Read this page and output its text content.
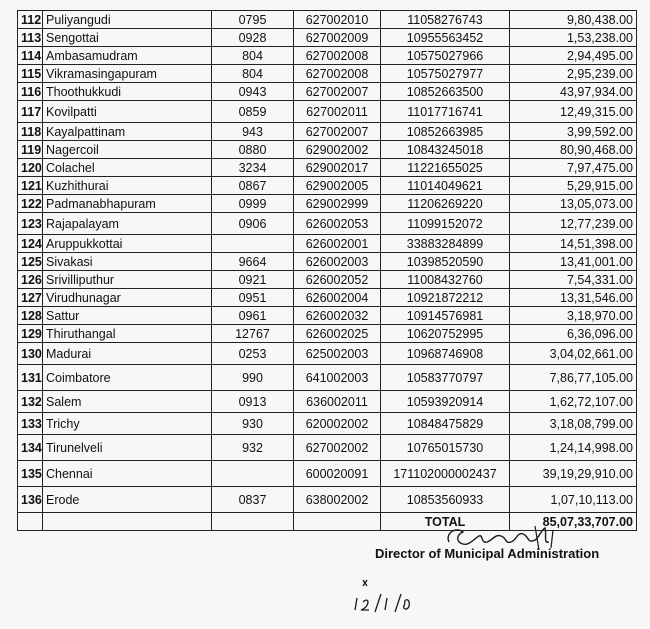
112	Puliyangudi	0795	627002010	11058276743	9,80,438.00
113	Sengottai	0928	627002009	10955563452	1,53,238.00
114	Ambasamudram	804	627002008	10575027966	2,94,495.00
115	Vikramasingapuram	804	627002008	10575027977	2,95,239.00
116	Thoothukkudi	0943	627002007	10852663500	43,97,934.00
117	Kovilpatti	0859	627002011	11017716741	12,49,315.00
118	Kayalpattinam	943	627002007	10852663985	3,99,592.00
119	Nagercoil	0880	629002002	10843245018	80,90,468.00
120	Colachel	3234	629002017	11221655025	7,97,475.00
121	Kuzhithurai	0867	629002005	11014049621	5,29,915.00
122	Padmanabhapuram	0999	629002999	11206269220	13,05,073.00
123	Rajapalayam	0906	626002053	11099152072	12,77,239.00
124	Aruppukkottai		626002001	33883284899	14,51,398.00
125	Sivakasi	9664	626002003	10398520590	13,41,001.00
126	Srivilliputhur	0921	626002052	11008432760	7,54,331.00
127	Virudhunagar	0951	626002004	10921872212	13,31,546.00
128	Sattur	0961	626002032	10914576981	3,18,970.00
129	Thiruthangal	12767	626002025	10620752995	6,36,096.00
130	Madurai	0253	625002003	10968746908	3,04,02,661.00
131	Coimbatore	990	641002003	10583770797	7,86,77,105.00
132	Salem	0913	636002011	10593920914	1,62,72,107.00
133	Trichy	930	620002002	10848475829	3,18,08,799.00
134	Tirunelveli	932	627002002	10765015730	1,24,14,998.00
135	Chennai		600020091	171102000002437	39,19,29,910.00
136	Erode	0837	638002002	10853560933	1,07,10,113.00
				TOTAL	85,07,33,707.00
Director of Municipal Administration
